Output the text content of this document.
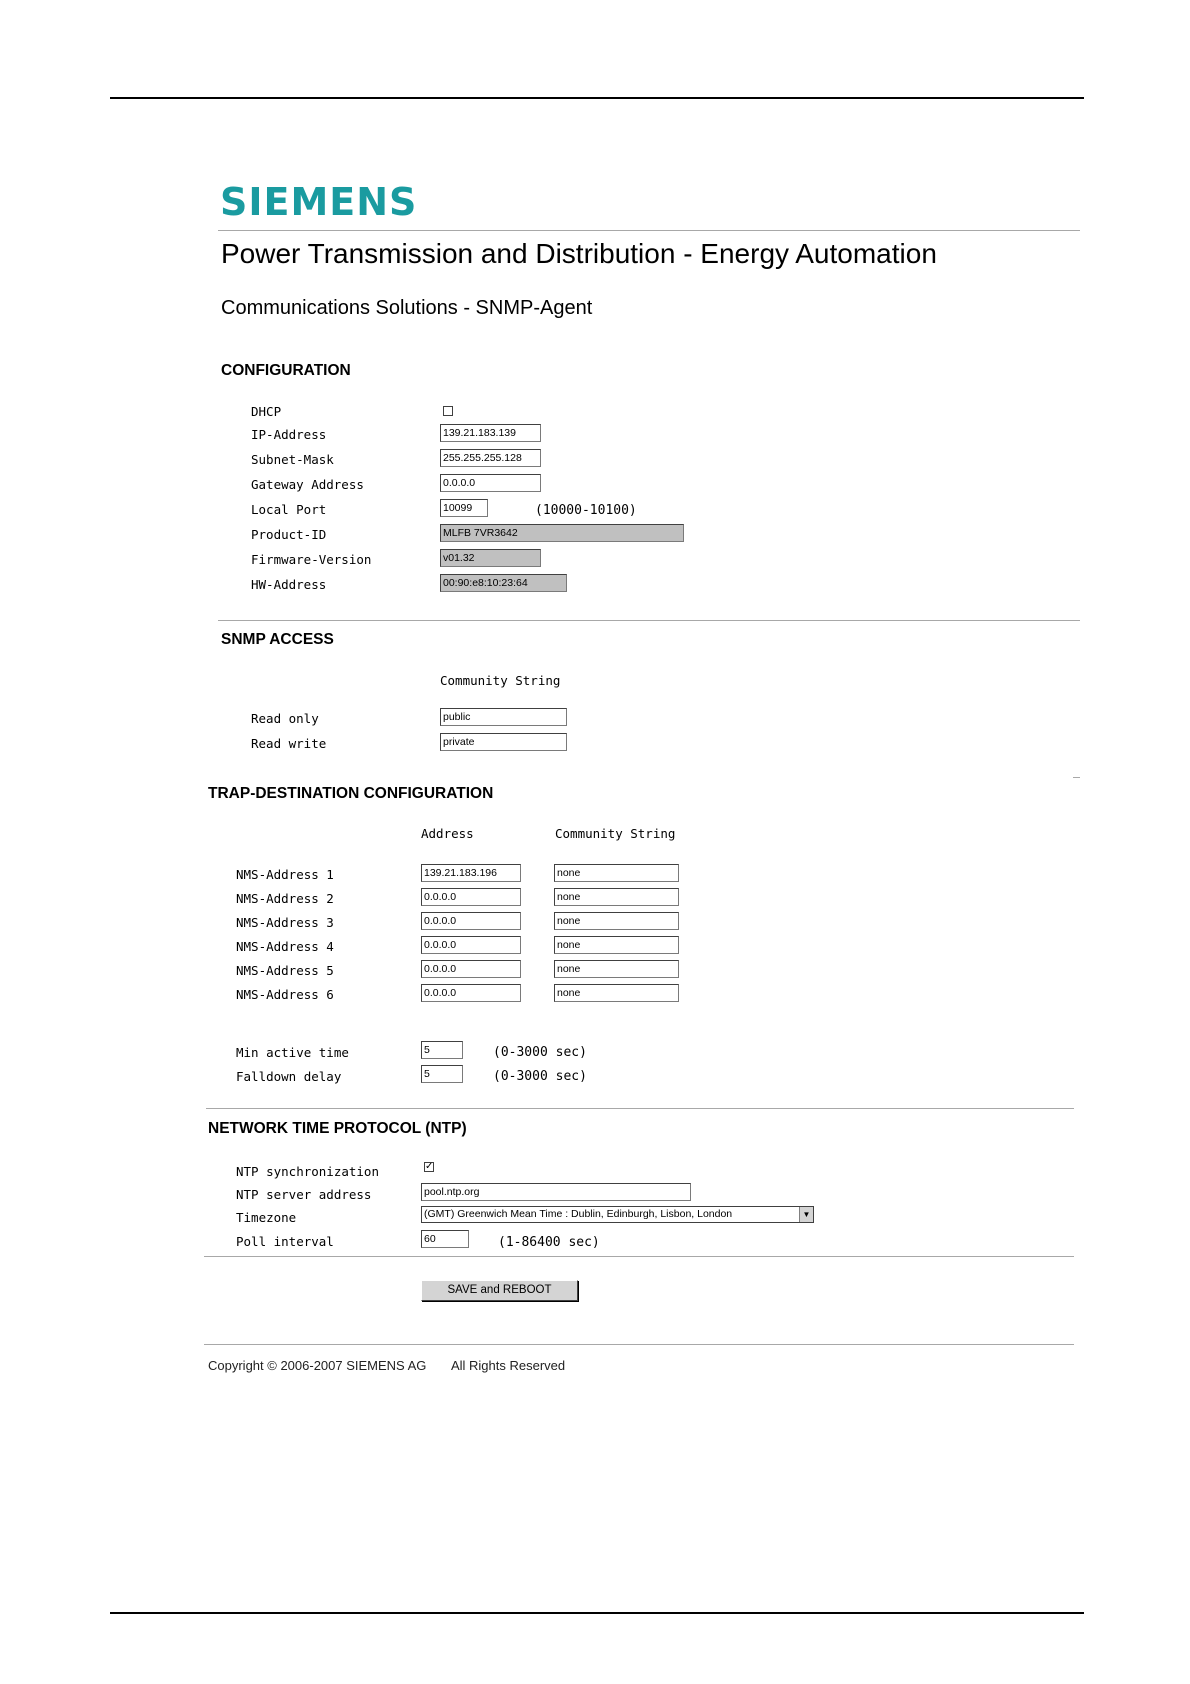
SIEMENS
Power Transmission and Distribution - Energy Automation
Communications Solutions - SNMP-Agent
CONFIGURATION
DHCP
IP-Address	139.21.183.139
Subnet-Mask	255.255.255.128
Gateway Address	0.0.0.0
Local Port	10099	(10000-10100)
Product-ID	MLFB 7VR3642
Firmware-Version	v01.32
HW-Address	00:90:e8:10:23:64
SNMP ACCESS
Community String
Read only	public
Read write	private
TRAP-DESTINATION CONFIGURATION
Address	Community String
NMS-Address 1	139.21.183.196	none
NMS-Address 2	0.0.0.0	none
NMS-Address 3	0.0.0.0	none
NMS-Address 4	0.0.0.0	none
NMS-Address 5	0.0.0.0	none
NMS-Address 6	0.0.0.0	none
Min active time	5	(0-3000 sec)
Falldown delay	5	(0-3000 sec)
NETWORK TIME PROTOCOL (NTP)
NTP synchronization	✓
NTP server address	pool.ntp.org
Timezone	(GMT) Greenwich Mean Time : Dublin, Edinburgh, Lisbon, London	▼
Poll interval	60	(1-86400 sec)
SAVE and REBOOT
Copyright © 2006-2007 SIEMENS AG All Rights Reserved
